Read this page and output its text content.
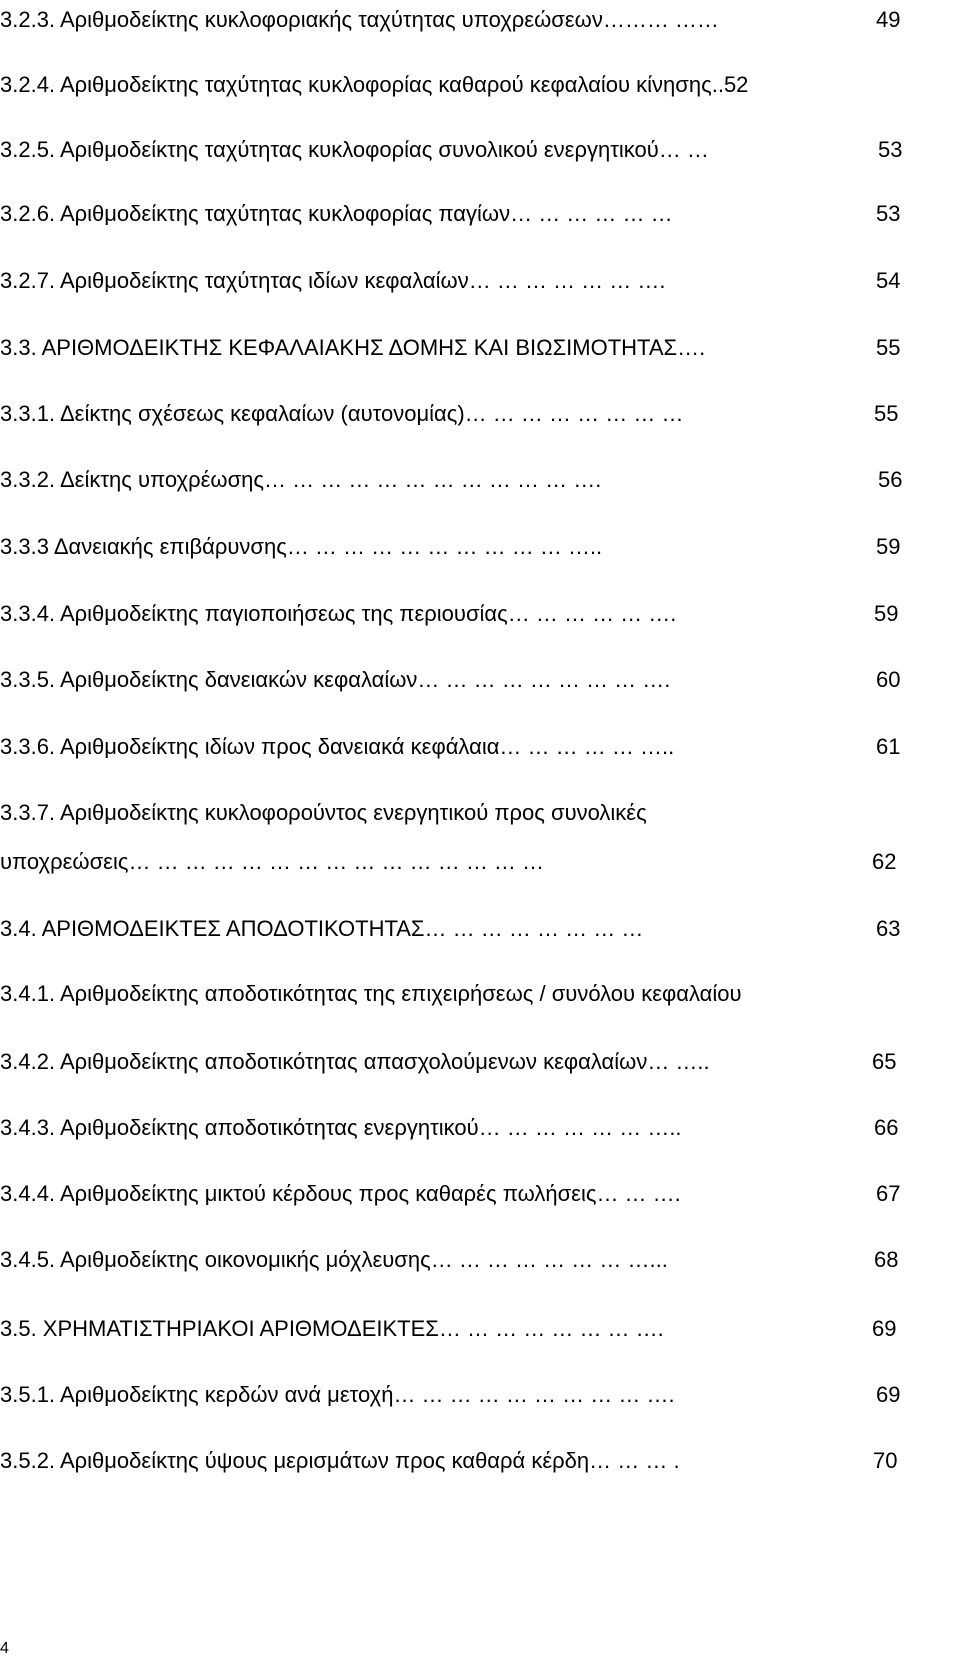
3.2.3. Αριθμοδείκτης κυκλοφοριακής ταχύτητας υποχρεώσεων……… ……	49
3.2.4. Αριθμοδείκτης ταχύτητας κυκλοφορίας καθαρού κεφαλαίου κίνησης..52
3.2.5. Αριθμοδείκτης ταχύτητας κυκλοφορίας συνολικού ενεργητικού… …	53
3.2.6. Αριθμοδείκτης ταχύτητας κυκλοφορίας παγίων… … … … … …	53
3.2.7. Αριθμοδείκτης ταχύτητας ιδίων κεφαλαίων… … … … … … ….	54
3.3. ΑΡΙΘΜΟΔΕΙΚΤΗΣ ΚΕΦΑΛΑΙΑΚΗΣ ΔΟΜΗΣ ΚΑΙ ΒΙΩΣΙΜΟΤΗΤΑΣ….	55
3.3.1. Δείκτης σχέσεως κεφαλαίων (αυτονομίας)… … … … … … … …	55
3.3.2. Δείκτης υποχρέωσης… … … … … … … … … … … ….	56
3.3.3 Δανειακής επιβάρυνσης… … … … … … … … … … …..	59
3.3.4. Αριθμοδείκτης παγιοποιήσεως της περιουσίας… … … … … ….	59
3.3.5. Αριθμοδείκτης δανειακών κεφαλαίων… … … … … … … … ….	60
3.3.6. Αριθμοδείκτης ιδίων προς δανειακά κεφάλαια… … … … … …..	61
3.3.7. Αριθμοδείκτης κυκλοφορούντος ενεργητικού προς συνολικές
υποχρεώσεις… … … … … … … … … … … … … … …	62
3.4. ΑΡΙΘΜΟΔΕΙΚΤΕΣ ΑΠΟΔΟΤΙΚΟΤΗΤΑΣ… … … … … … … …	63
3.4.1. Αριθμοδείκτης αποδοτικότητας της επιχειρήσεως / συνόλου κεφαλαίου
3.4.2. Αριθμοδείκτης αποδοτικότητας απασχολούμενων κεφαλαίων… …..	65
3.4.3. Αριθμοδείκτης αποδοτικότητας ενεργητικού… … … … … … …..	66
3.4.4. Αριθμοδείκτης μικτού κέρδους προς καθαρές πωλήσεις… … ….	67
3.4.5. Αριθμοδείκτης οικονομικής μόχλευσης… … … … … … … …...	68
3.5. ΧΡΗΜΑΤΙΣΤΗΡΙΑΚΟΙ ΑΡΙΘΜΟΔΕΙΚΤΕΣ… … … … … … … ….	69
3.5.1. Αριθμοδείκτης κερδών ανά μετοχή… … … … … … … … … ….	69
3.5.2. Αριθμοδείκτης ύψους μερισμάτων προς καθαρά κέρδη… … … .	70
4
